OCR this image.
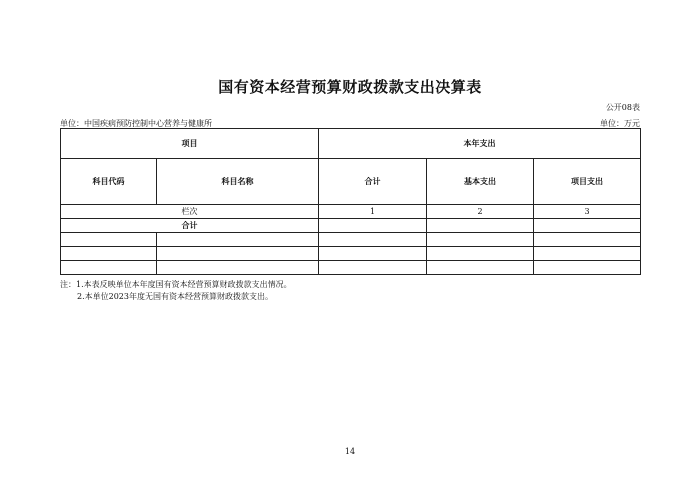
国有资本经营预算财政拨款支出决算表
公开08表
单位：中国疾病预防控制中心营养与健康所	单位：万元
项目		本年支出		
科目代码	科目名称	合计	基本支出	项目支出
栏次		1	2	3
合计				

注：1.本表反映单位本年度国有资本经营预算财政拨款支出情况。
2.本单位2023年度无国有资本经营预算财政拨款支出。
14
